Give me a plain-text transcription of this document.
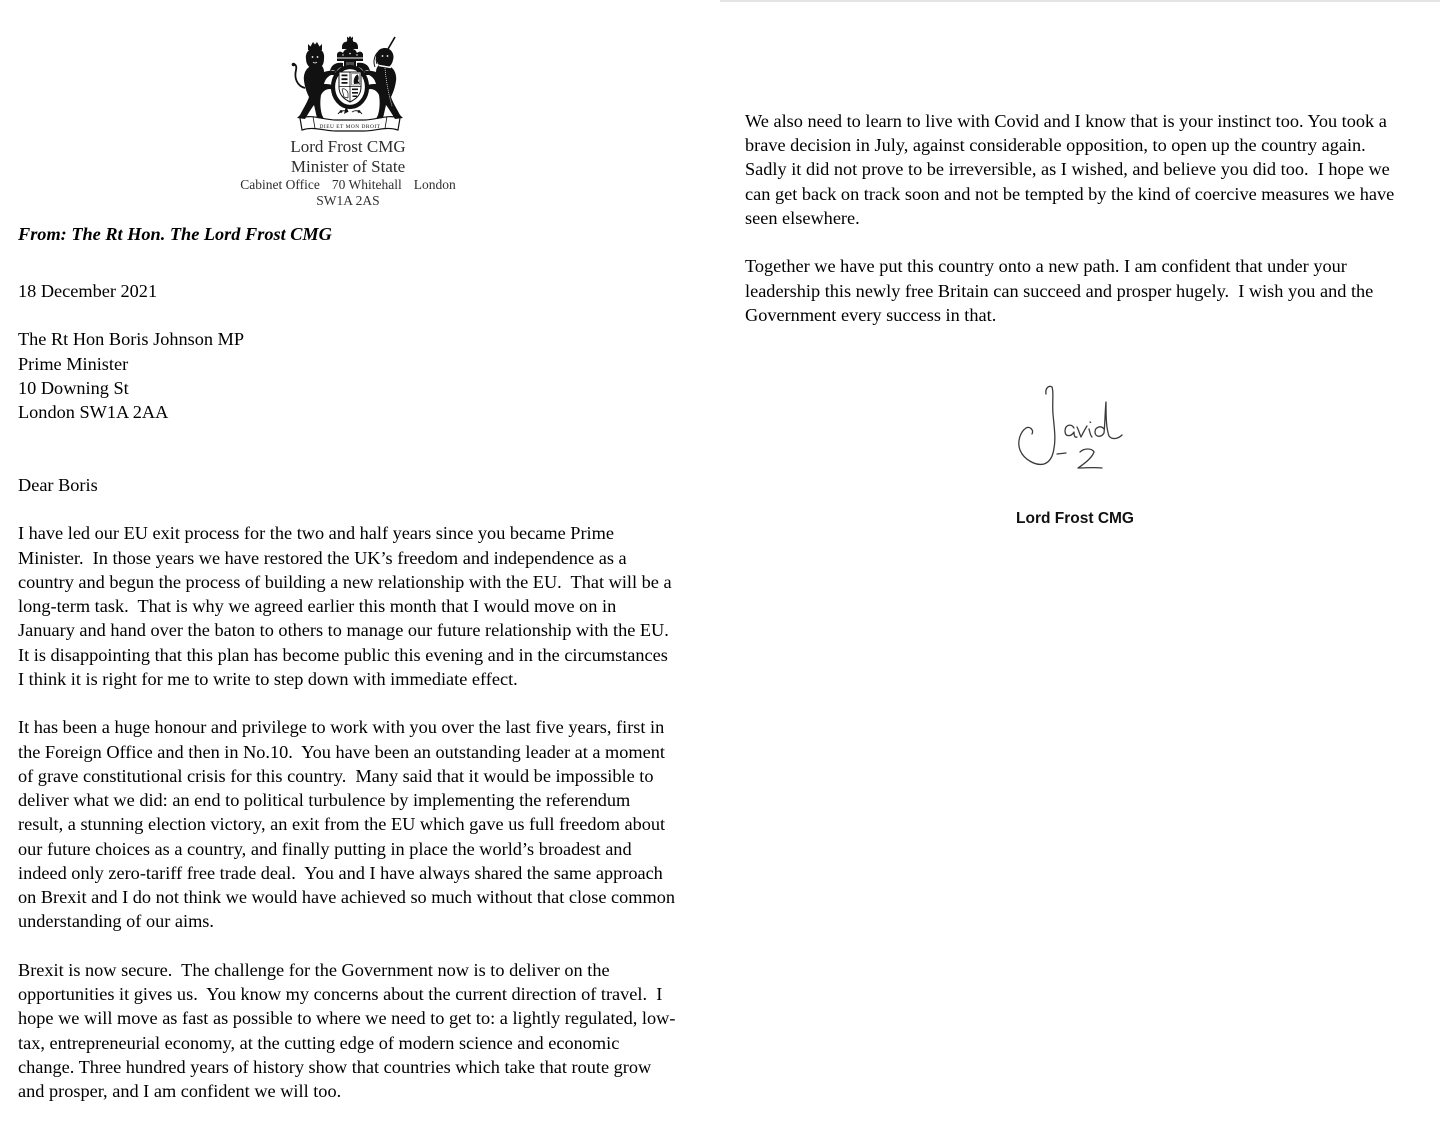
DIEU ET MON DROIT
Lord Frost CMG
Minister of State
Cabinet Office 70 Whitehall London
SW1A 2AS
From: The Rt Hon. The Lord Frost CMG
18 December 2021
The Rt Hon Boris Johnson MP
Prime Minister
10 Downing St
London SW1A 2AA
Dear Boris
I have led our EU exit process for the two and half years since you became Prime
Minister.  In those years we have restored the UK’s freedom and independence as a
country and begun the process of building a new relationship with the EU.  That will be a
long-term task.  That is why we agreed earlier this month that I would move on in
January and hand over the baton to others to manage our future relationship with the EU.
It is disappointing that this plan has become public this evening and in the circumstances
I think it is right for me to write to step down with immediate effect.
It has been a huge honour and privilege to work with you over the last five years, first in
the Foreign Office and then in No.10.  You have been an outstanding leader at a moment
of grave constitutional crisis for this country.  Many said that it would be impossible to
deliver what we did: an end to political turbulence by implementing the referendum
result, a stunning election victory, an exit from the EU which gave us full freedom about
our future choices as a country, and finally putting in place the world’s broadest and
indeed only zero-tariff free trade deal.  You and I have always shared the same approach
on Brexit and I do not think we would have achieved so much without that close common
understanding of our aims.
Brexit is now secure.  The challenge for the Government now is to deliver on the
opportunities it gives us.  You know my concerns about the current direction of travel.  I
hope we will move as fast as possible to where we need to get to: a lightly regulated, low-
tax, entrepreneurial economy, at the cutting edge of modern science and economic
change. Three hundred years of history show that countries which take that route grow
and prosper, and I am confident we will too.
We also need to learn to live with Covid and I know that is your instinct too. You took a
brave decision in July, against considerable opposition, to open up the country again.
Sadly it did not prove to be irreversible, as I wished, and believe you did too.  I hope we
can get back on track soon and not be tempted by the kind of coercive measures we have
seen elsewhere.
Together we have put this country onto a new path. I am confident that under your
leadership this newly free Britain can succeed and prosper hugely.  I wish you and the
Government every success in that.
Lord Frost CMG
